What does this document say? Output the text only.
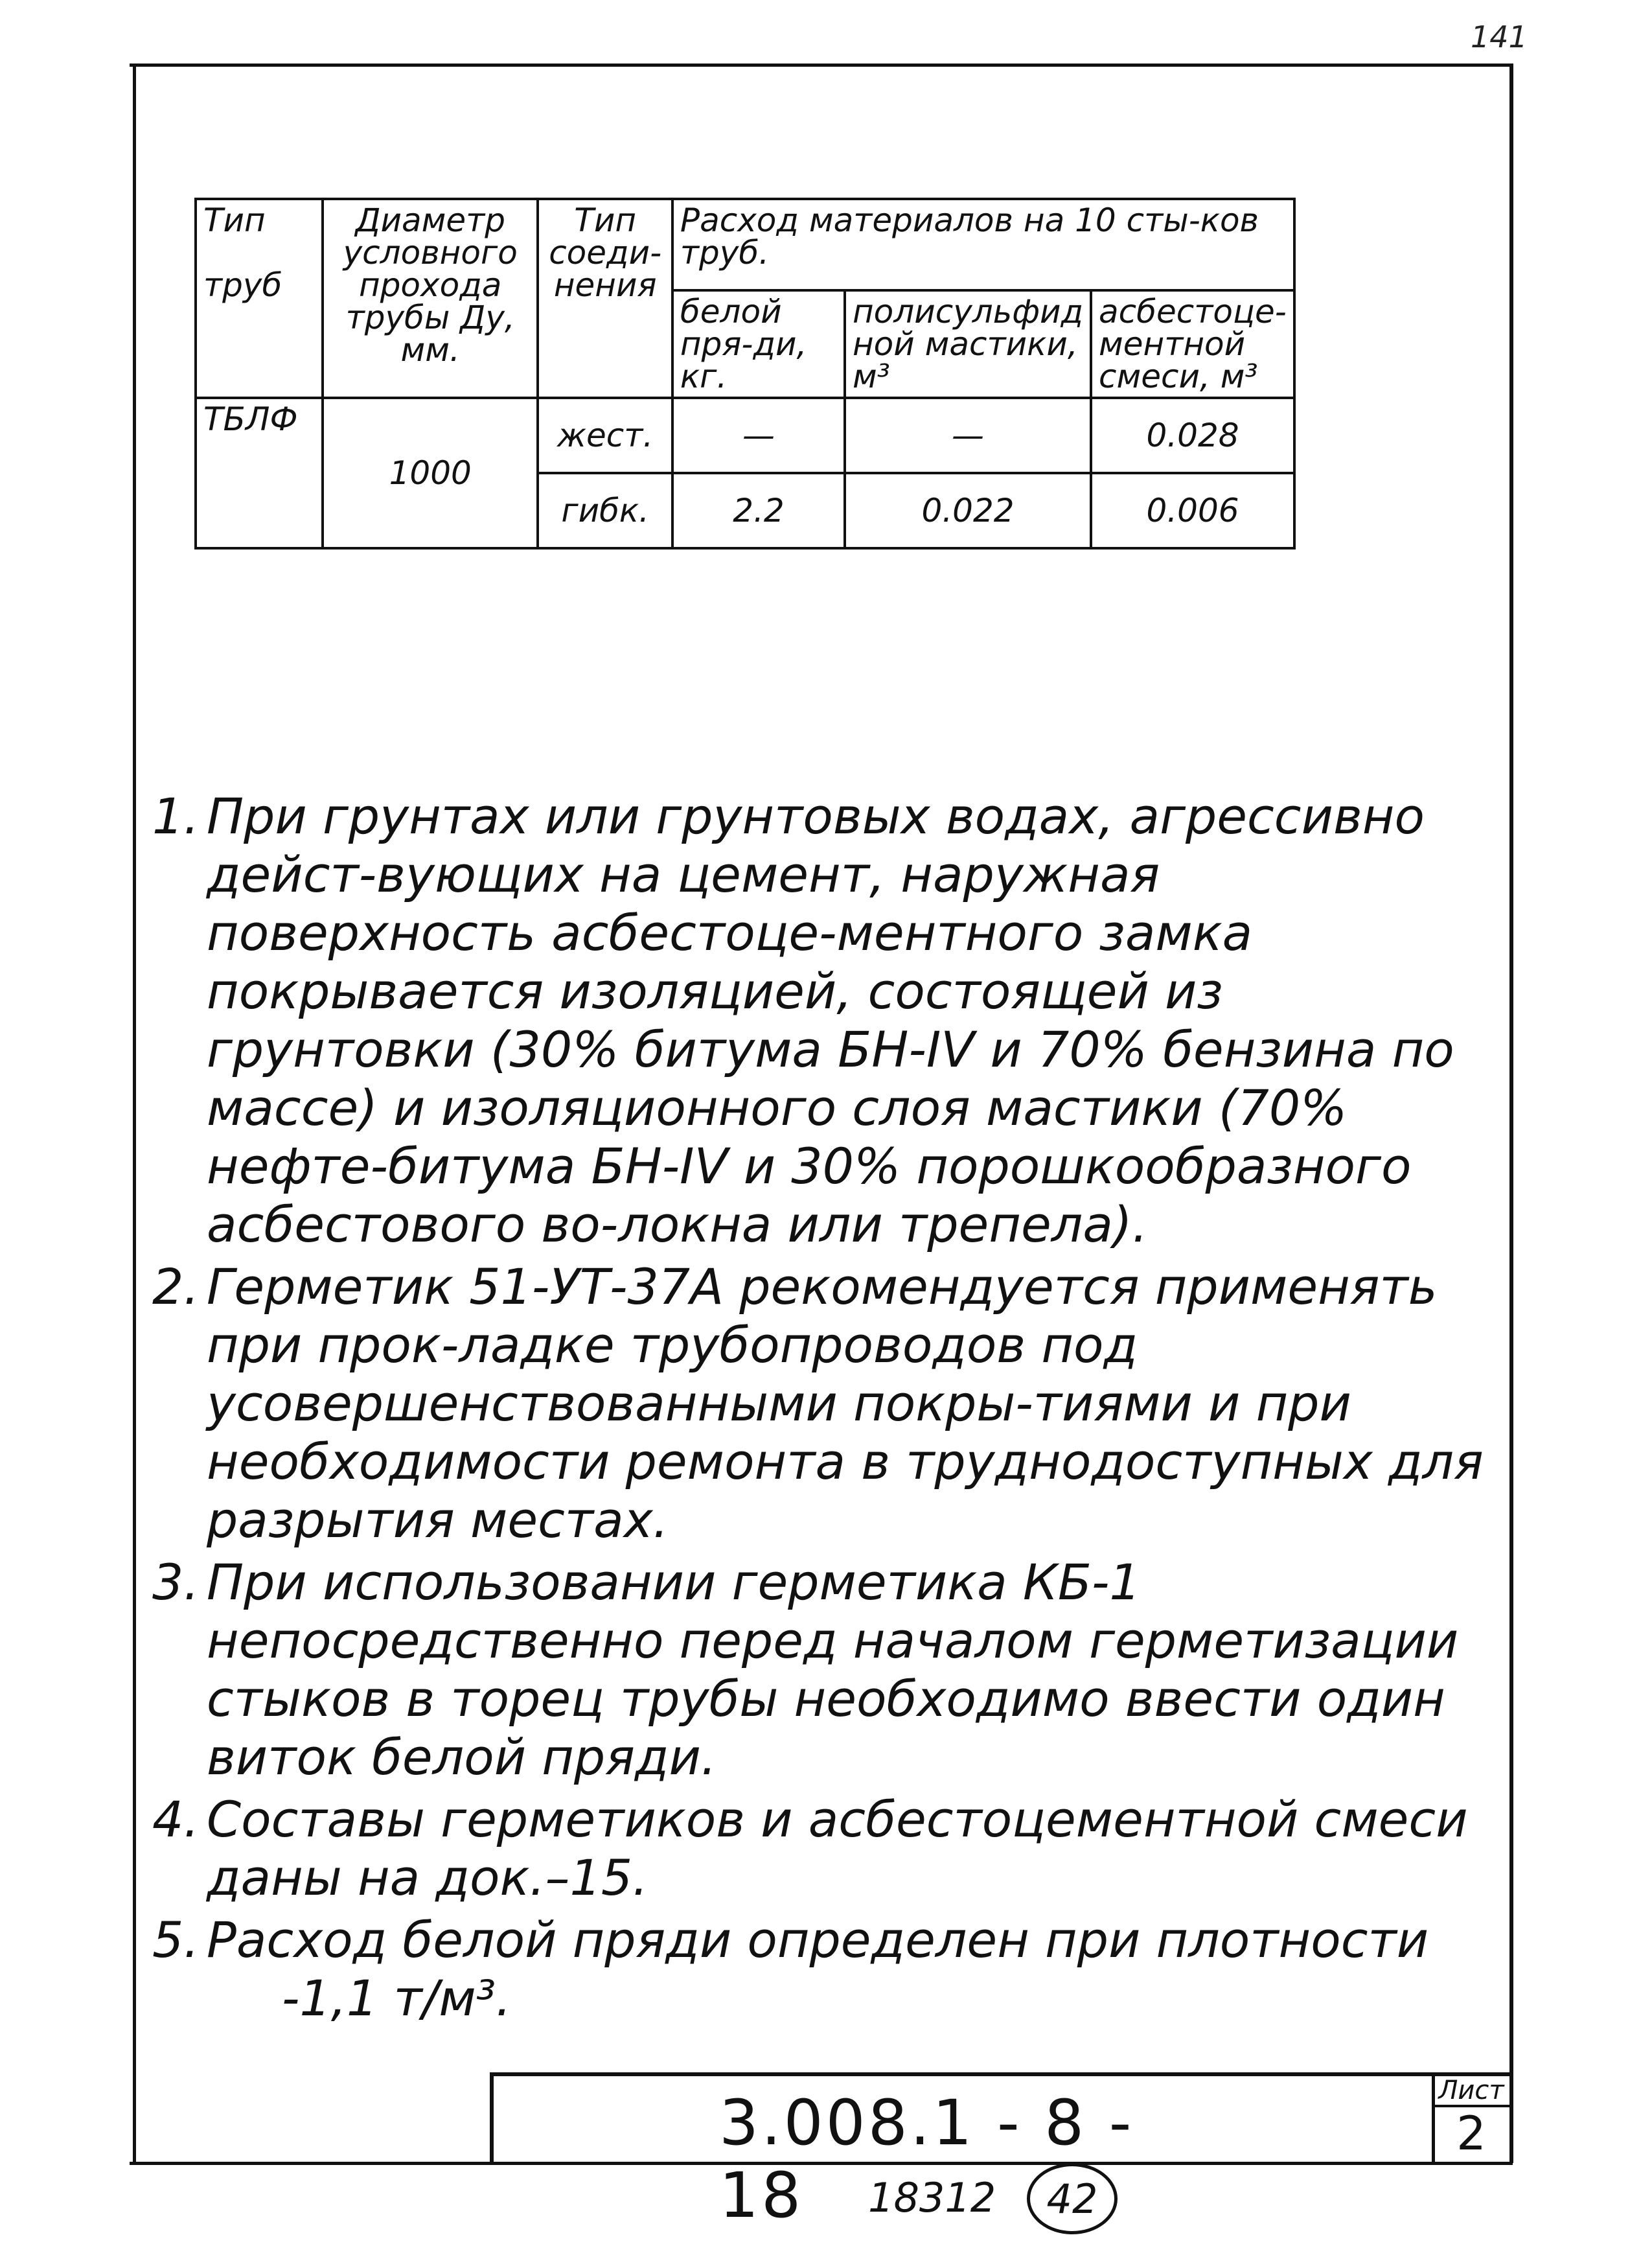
141
Тип
труб	Диаметр условного прохода трубы Ду, мм.	Тип соеди-нения	Расход материалов на 10 сты-ков труб.		
			белой пря-ди, кг.	полисульфид ной мастики, м³	асбестоце-ментной смеси, м³
ТБЛФ	1000	жест.	—	—	0.028
		гибк.	2.2	0.022	0.006
1. При грунтах или грунтовых водах, агрессивно дейст-вующих на цемент, наружная поверхность асбестоце-ментного замка покрывается изоляцией, состоящей из грунтовки (30% битума БН-IV и 70% бензина по массе) и изоляционного слоя мастики (70% нефте-битума БН-IV и 30% порошкообразного асбестового во-локна или трепела).
2. Герметик 51-УТ-37А рекомендуется применять при прок-ладке трубопроводов под усовершенствованными покры-тиями и при необходимости ремонта в труднодоступных для разрытия местах.
3. При использовании герметика КБ-1 непосредственно перед началом герметизации стыков в торец трубы необходимо ввести один виток белой пряди.
4. Составы герметиков и асбестоцементной смеси даны на док.–15.
5. Расход белой пряди определен при плотности
-1,1 т/м³.
3.008.1 - 8 - 18
Лист
2
18312	42
